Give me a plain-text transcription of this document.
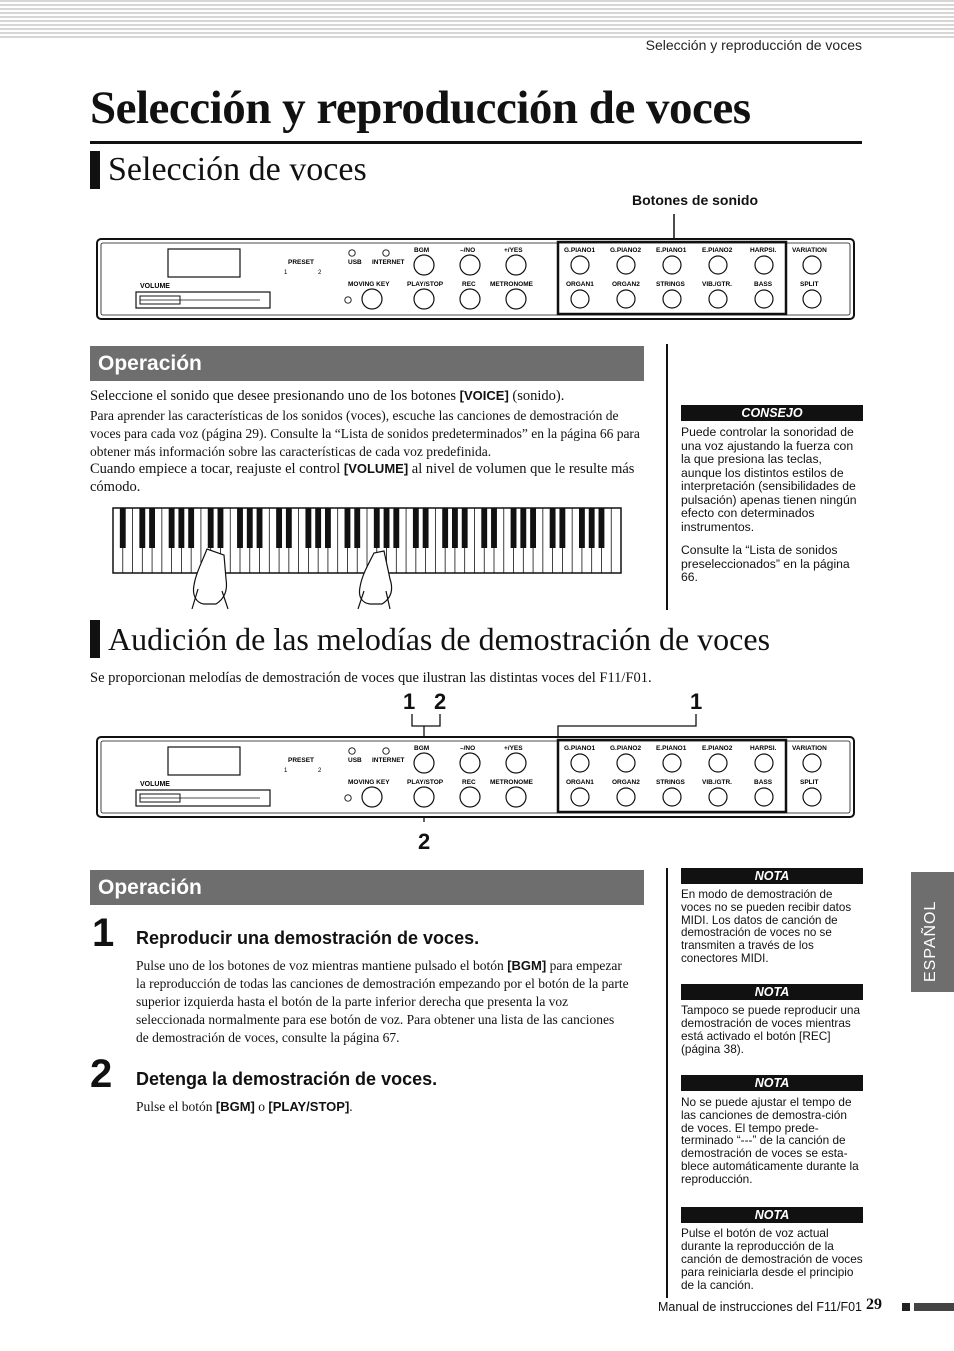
Selección y reproducción de voces
Selección y reproducción de voces
Selección de voces
Botones de sonido
VOLUME
PRESET
1	2
USB INTERNET
BGM	–/NO	+/YES
MOVING KEY	PLAY/STOP	REC METRONOME
G.PIANO1 G.PIANO2 E.PIANO1 E.PIANO2	HARPSI.
ORGAN1	ORGAN2 STRINGS	VIB./GTR.	BASS
VARIATION
SPLIT
Operación
Seleccione el sonido que desee presionando uno de los botones [VOICE] (sonido).
Para aprender las características de los sonidos (voces), escuche las canciones de demostración de voces para cada voz (página 29). Consulte la “Lista de sonidos predeterminados” en la página 66 para obtener más información sobre las características de cada voz predefinida.
Cuando empiece a tocar, reajuste el control [VOLUME] al nivel de volumen que le resulte más cómodo.
CONSEJO
Puede controlar la sonoridad de una voz ajustando la fuerza con la que presiona las teclas, aunque los distintos estilos de interpretación (sensibilidades de pulsación) apenas tienen ningún efecto con determinados instrumentos.
Consulte la “Lista de sonidos preseleccionados” en la página 66.
Audición de las melodías de demostración de voces
Se proporcionan melodías de demostración de voces que ilustran las distintas voces del F11/F01.
1 2	1
2
VOLUME
PRESET
1	2
USB INTERNET
BGM	–/NO	+/YES
MOVING KEY	PLAY/STOP	REC METRONOME
G.PIANO1 G.PIANO2 E.PIANO1 E.PIANO2	HARPSI.
ORGAN1	ORGAN2 STRINGS	VIB./GTR.	BASS
VARIATION
SPLIT
Operación
1 Reproducir una demostración de voces.
Pulse uno de los botones de voz mientras mantiene pulsado el botón [BGM] para empezar la reproducción de todas las canciones de demostración empezando por el botón de la parte superior izquierda hasta el botón de la parte inferior derecha que presenta la voz seleccionada normalmente para ese botón de voz. Para obtener una lista de las canciones de demostración de voces, consulte la página 67.
2 Detenga la demostración de voces.
Pulse el botón [BGM] o [PLAY/STOP].
NOTA
En modo de demostración de voces no se pueden recibir datos MIDI. Los datos de canción de demostración de voces no se transmiten a través de los conectores MIDI.
NOTA
Tampoco se puede reproducir una demostración de voces mientras está activado el botón [REC] (página 38).
NOTA
No se puede ajustar el tempo de las canciones de demostra-ción de voces. El tempo prede-terminado “---” de la canción de demostración de voces se esta-blece automáticamente durante la reproducción.
NOTA
Pulse el botón de voz actual durante la reproducción de la canción de demostración de voces para reiniciarla desde el principio de la canción.
ESPAÑOL
Manual de instrucciones del F11/F01 29
